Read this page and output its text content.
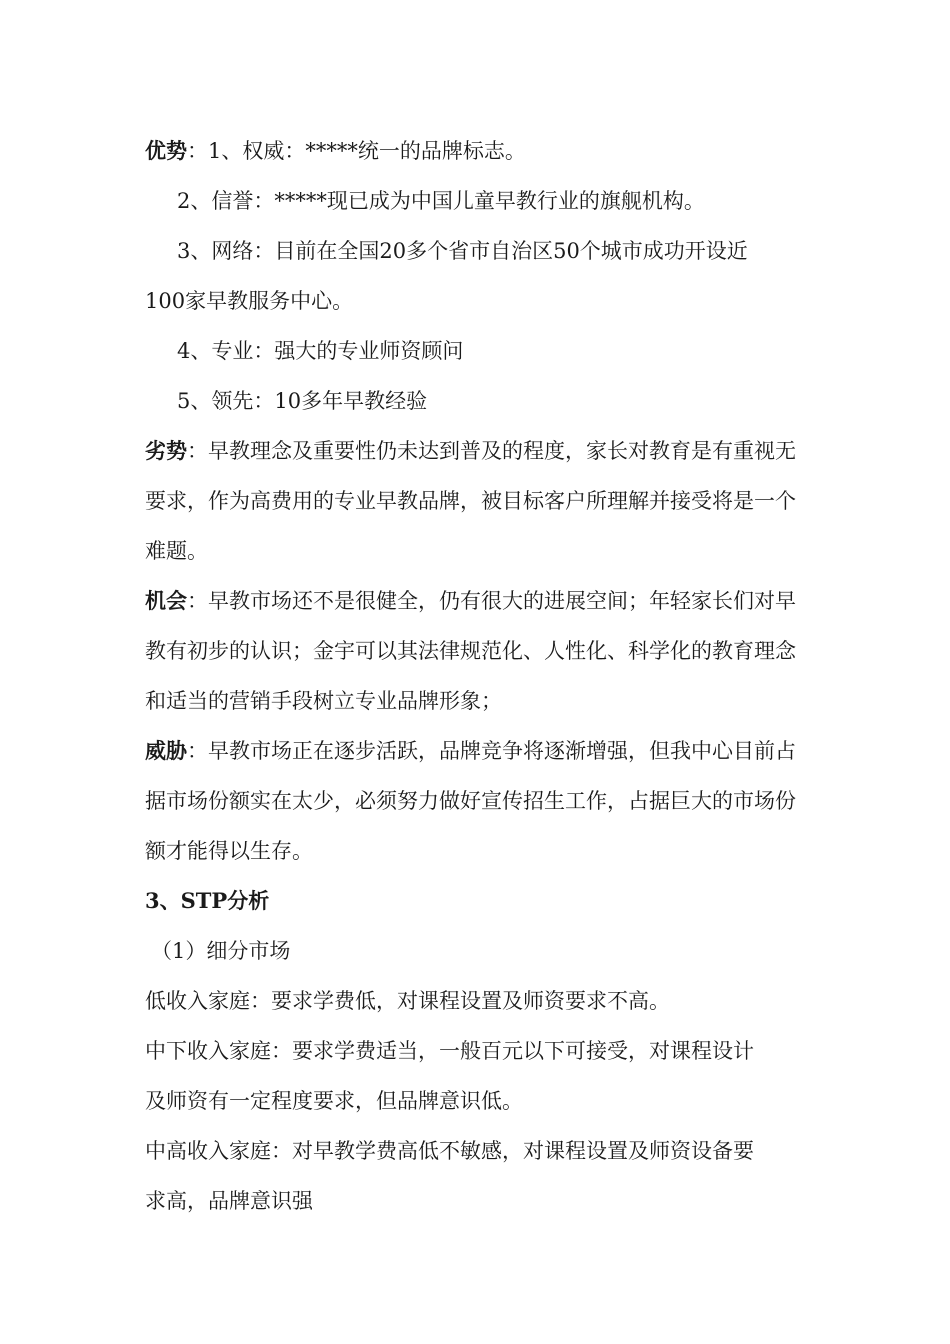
优势：1、权威：*****统一的品牌标志。

2、信誉：*****现已成为中国儿童早教行业的旗舰机构。

3、网络：目前在全国20多个省市自治区50个城市成功开设近

100家早教服务中心。

4、专业：强大的专业师资顾问

5、领先：10多年早教经验

劣势：早教理念及重要性仍未达到普及的程度，家长对教育是有重视无

要求，作为高费用的专业早教品牌，被目标客户所理解并接受将是一个

难题。

机会：早教市场还不是很健全，仍有很大的进展空间；年轻家长们对早

教有初步的认识；金宇可以其法律规范化、人性化、科学化的教育理念

和适当的营销手段树立专业品牌形象；

威胁：早教市场正在逐步活跃，品牌竞争将逐渐增强，但我中心目前占

据市场份额实在太少，必须努力做好宣传招生工作，占据巨大的市场份

额才能得以生存。

3、STP分析

（1）细分市场

低收入家庭：要求学费低，对课程设置及师资要求不高。

中下收入家庭：要求学费适当，一般百元以下可接受，对课程设计

及师资有一定程度要求，但品牌意识低。

中高收入家庭：对早教学费高低不敏感，对课程设置及师资设备要

求高，品牌意识强
